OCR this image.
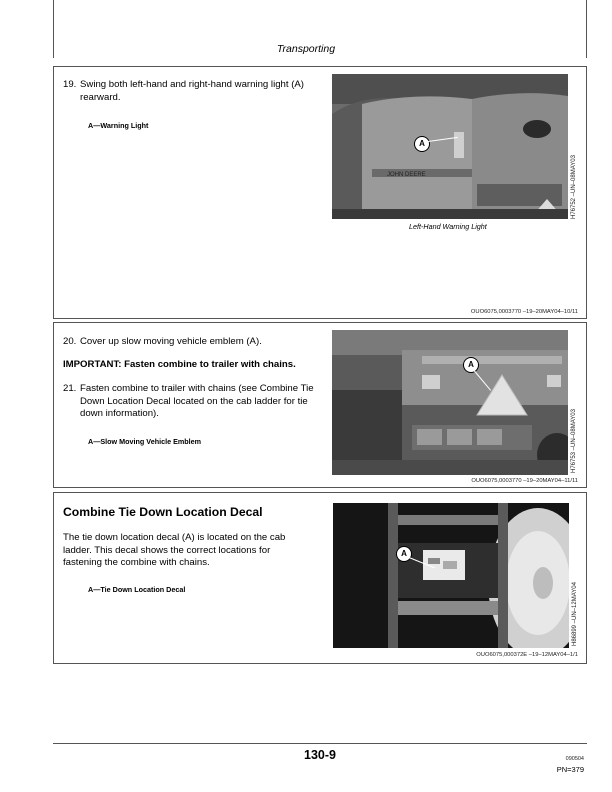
Transporting
19. Swing both left-hand and right-hand warning light (A) rearward.
A—Warning Light
JOHN DEERE
A
H76752 –UN–08MAY03
Left-Hand Warning Light
OUO6075,0003770 –19–20MAY04–10/11
20. Cover up slow moving vehicle emblem (A).
IMPORTANT: Fasten combine to trailer with chains.
21. Fasten combine to trailer with chains (see Combine Tie Down Location Decal located on the cab ladder for tie down information).
A—Slow Moving Vehicle Emblem
A
H76753 –UN–08MAY03
OUO6075,0003770 –19–20MAY04–11/11
Combine Tie Down Location Decal
The tie down location decal (A) is located on the cab ladder. This decal shows the correct locations for fastening the combine with chains.
A—Tie Down Location Decal
A
H86899 –UN–12MAY04
OUO6075,000372E –19–12MAY04–1/1
130-9	090504
PN=379
